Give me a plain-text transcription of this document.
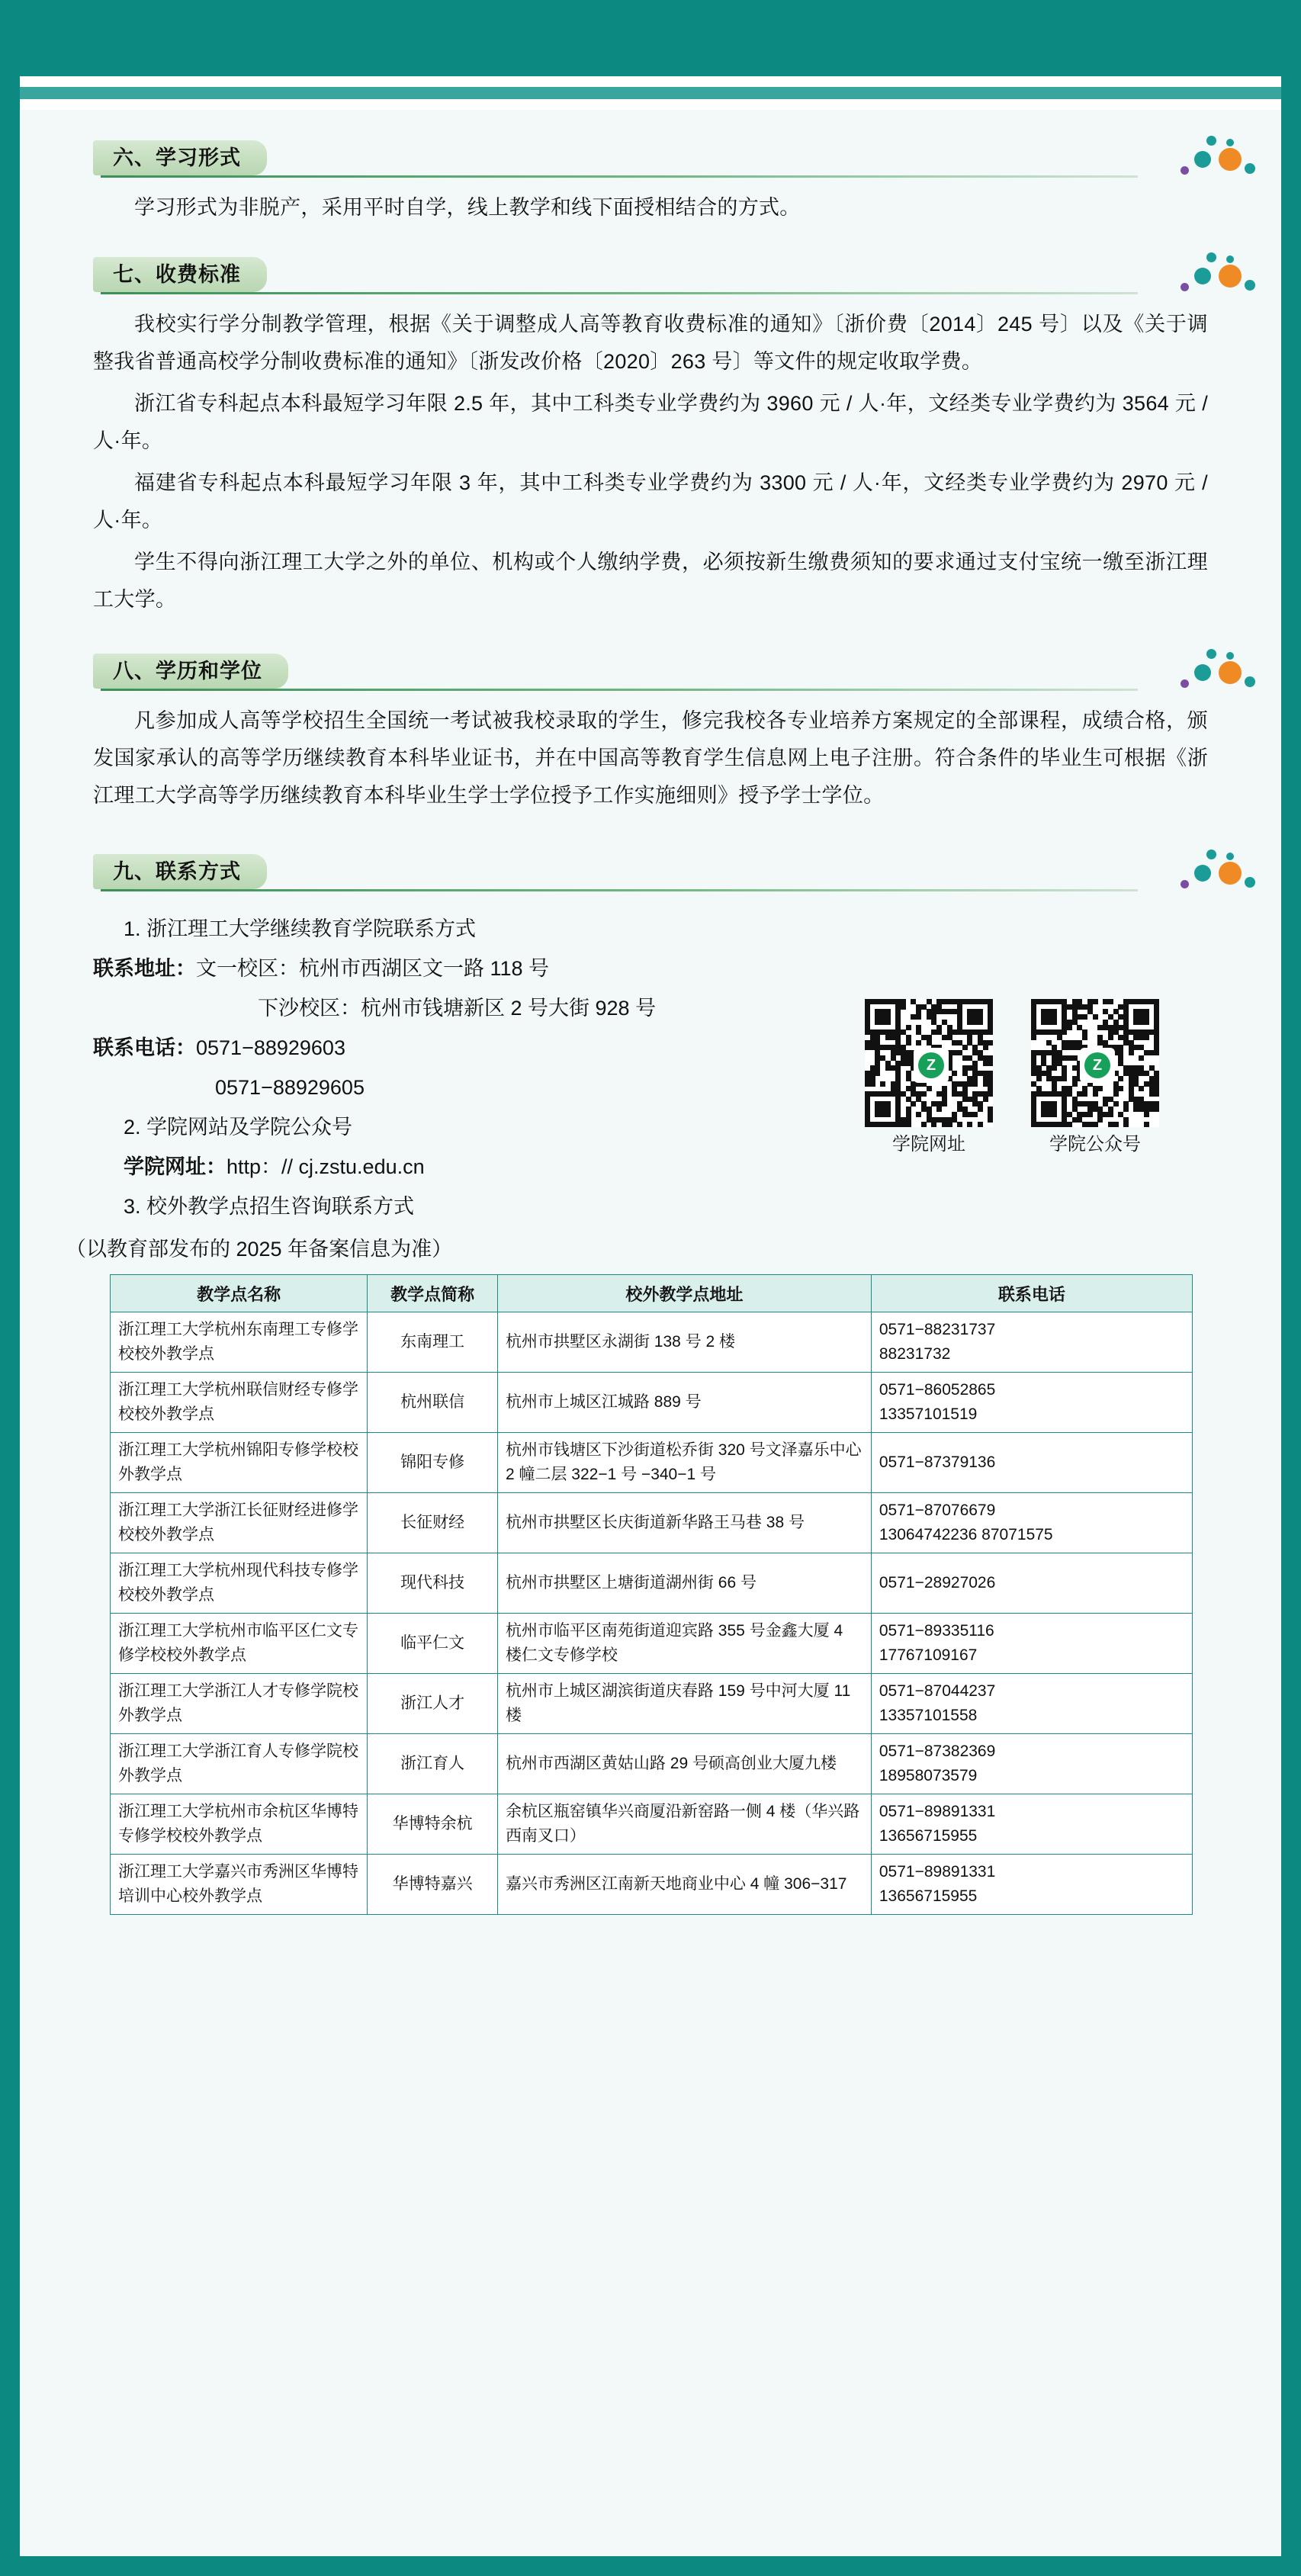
六、学习形式
学习形式为非脱产，采用平时自学，线上教学和线下面授相结合的方式。
七、收费标准
我校实行学分制教学管理，根据《关于调整成人高等教育收费标准的通知》〔浙价费〔2014〕245 号〕以及《关于调整我省普通高校学分制收费标准的通知》〔浙发改价格〔2020〕263 号〕等文件的规定收取学费。
浙江省专科起点本科最短学习年限 2.5 年，其中工科类专业学费约为 3960 元 / 人·年，文经类专业学费约为 3564 元 / 人·年。
福建省专科起点本科最短学习年限 3 年，其中工科类专业学费约为 3300 元 / 人·年，文经类专业学费约为 2970 元 / 人·年。
学生不得向浙江理工大学之外的单位、机构或个人缴纳学费，必须按新生缴费须知的要求通过支付宝统一缴至浙江理工大学。
八、学历和学位
凡参加成人高等学校招生全国统一考试被我校录取的学生，修完我校各专业培养方案规定的全部课程，成绩合格，颁发国家承认的高等学历继续教育本科毕业证书，并在中国高等教育学生信息网上电子注册。符合条件的毕业生可根据《浙江理工大学高等学历继续教育本科毕业生学士学位授予工作实施细则》授予学士学位。
九、联系方式
1. 浙江理工大学继续教育学院联系方式
联系地址：文一校区：杭州市西湖区文一路 118 号
下沙校区：杭州市钱塘新区 2 号大街 928 号
联系电话：0571−88929603
0571−88929605
2. 学院网站及学院公众号
学院网址：http：// cj.zstu.edu.cn
3. 校外教学点招生咨询联系方式
Z
学院网址
Z
学院公众号
（以教育部发布的 2025 年备案信息为准）
教学点名称	教学点简称	校外教学点地址	联系电话
浙江理工大学杭州东南理工专修学校校外教学点	东南理工	杭州市拱墅区永湖街 138 号 2 楼	0571−88231737
88231732
浙江理工大学杭州联信财经专修学校校外教学点	杭州联信	杭州市上城区江城路 889 号	0571−86052865
13357101519
浙江理工大学杭州锦阳专修学校校外教学点	锦阳专修	杭州市钱塘区下沙街道松乔街 320 号文泽嘉乐中心 2 幢二层 322−1 号 −340−1 号	0571−87379136
浙江理工大学浙江长征财经进修学校校外教学点	长征财经	杭州市拱墅区长庆街道新华路王马巷 38 号	0571−87076679
13064742236 87071575
浙江理工大学杭州现代科技专修学校校外教学点	现代科技	杭州市拱墅区上塘街道湖州街 66 号	0571−28927026
浙江理工大学杭州市临平区仁文专修学校校外教学点	临平仁文	杭州市临平区南苑街道迎宾路 355 号金鑫大厦 4 楼仁文专修学校	0571−89335116
17767109167
浙江理工大学浙江人才专修学院校外教学点	浙江人才	杭州市上城区湖滨街道庆春路 159 号中河大厦 11 楼	0571−87044237
13357101558
浙江理工大学浙江育人专修学院校外教学点	浙江育人	杭州市西湖区黄姑山路 29 号硕高创业大厦九楼	0571−87382369
18958073579
浙江理工大学杭州市余杭区华博特专修学校校外教学点	华博特余杭	余杭区瓶窑镇华兴商厦沿新窑路一侧 4 楼（华兴路西南叉口）	0571−89891331
13656715955
浙江理工大学嘉兴市秀洲区华博特培训中心校外教学点	华博特嘉兴	嘉兴市秀洲区江南新天地商业中心 4 幢 306−317	0571−89891331
13656715955
